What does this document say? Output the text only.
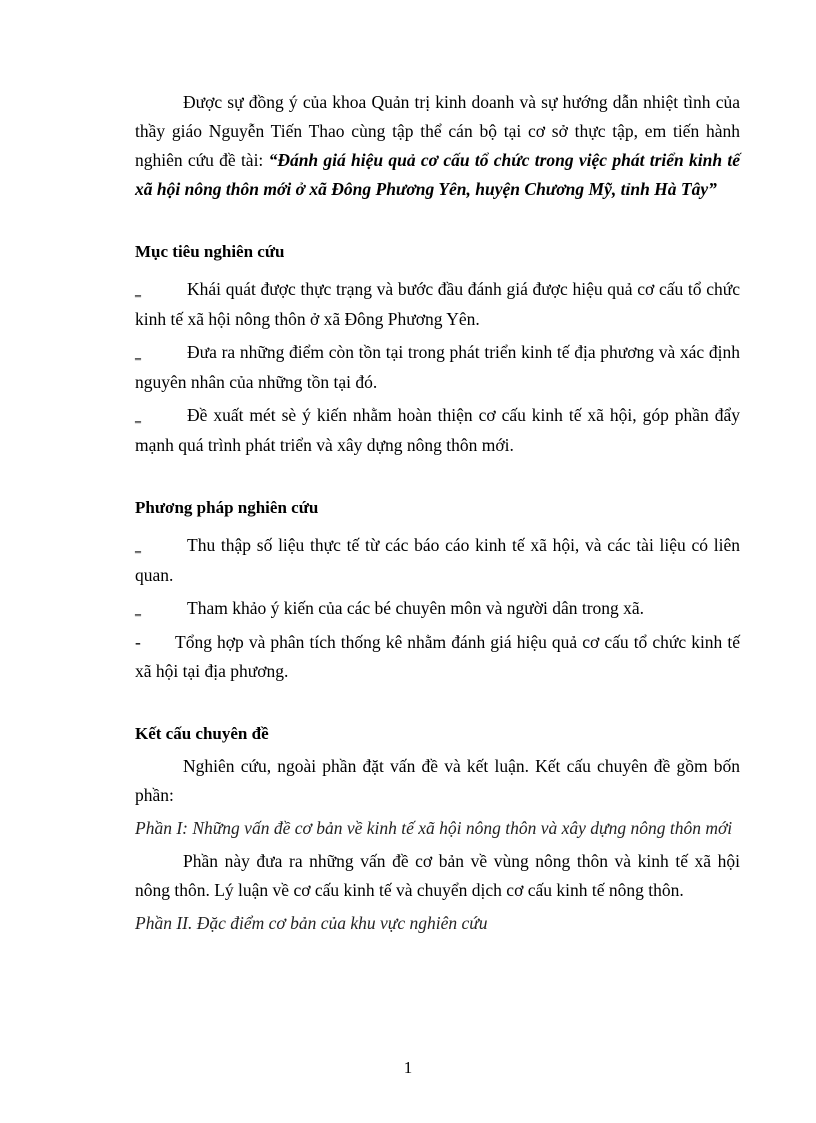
Được sự đồng ý của khoa Quản trị kinh doanh và sự hướng dẫn nhiệt tình của thầy giáo Nguyễn Tiến Thao cùng tập thể cán bộ tại cơ sở thực tập, em tiến hành nghiên cứu đề tài: “Đánh giá hiệu quả cơ cấu tổ chức trong việc phát triển kinh tế xã hội nông thôn mới ở xã Đông Phương Yên, huyện Chương Mỹ, tỉnh Hà Tây”

Mục tiêu nghiên cứu

‗	Khái quát được thực trạng và bước đầu đánh giá được hiệu quả cơ cấu tổ chức kinh tế xã hội nông thôn ở xã Đông Phương Yên.

‗	Đưa ra những điểm còn tồn tại trong phát triển kinh tế địa phương và xác định nguyên nhân của những tồn tại đó.

‗	Đề xuất mét sè ý kiến nhằm hoàn thiện cơ cấu kinh tế xã hội, góp phần đẩy mạnh quá trình phát triển và xây dựng nông thôn mới.

Phương pháp nghiên cứu

‗	Thu thập số liệu thực tế từ các báo cáo kinh tế xã hội, và các tài liệu có liên quan.

‗	Tham khảo ý kiến của các bé chuyên môn và người dân trong xã.

- Tổng hợp và phân tích thống kê nhằm đánh giá hiệu quả cơ cấu tổ chức kinh tế xã hội tại địa phương.

Kết cấu chuyên đề

Nghiên cứu, ngoài phần đặt vấn đề và kết luận. Kết cấu chuyên đề gồm bốn phần:

Phần I: Những vấn đề cơ bản về kinh tế xã hội nông thôn và xây dựng nông thôn mới

Phần này đưa ra những vấn đề cơ bản về vùng nông thôn và kinh tế xã hội nông thôn. Lý luận về cơ cấu kinh tế và chuyển dịch cơ cấu kinh tế nông thôn.

Phần II. Đặc điểm cơ bản của khu vực nghiên cứu

1
